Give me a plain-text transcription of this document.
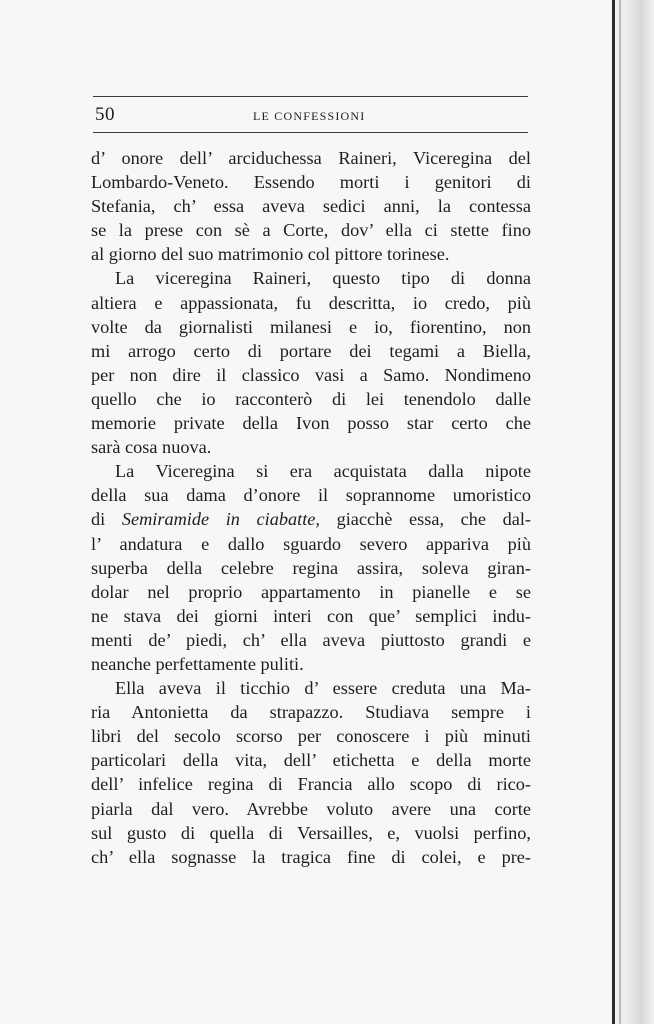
50	LE CONFESSIONI
d’ onore dell’ arciduchessa Raineri, Viceregina del
Lombardo-Veneto. Essendo morti i genitori di
Stefania, ch’ essa aveva sedici anni, la contessa
se la prese con sè a Corte, dov’ ella ci stette fino
al giorno del suo matrimonio col pittore torinese.
La viceregina Raineri, questo tipo di donna
altiera e appassionata, fu descritta, io credo, più
volte da giornalisti milanesi e io, fiorentino, non
mi arrogo certo di portare dei tegami a Biella,
per non dire il classico vasi a Samo. Nondimeno
quello che io racconterò di lei tenendolo dalle
memorie private della Ivon posso star certo che
sarà cosa nuova.
La Viceregina si era acquistata dalla nipote
della sua dama d’onore il soprannome umoristico
di Semiramide in ciabatte, giacchè essa, che dal-
l’ andatura e dallo sguardo severo appariva più
superba della celebre regina assira, soleva giran-
dolar nel proprio appartamento in pianelle e se
ne stava dei giorni interi con que’ semplici indu-
menti de’ piedi, ch’ ella aveva piuttosto grandi e
neanche perfettamente puliti.
Ella aveva il ticchio d’ essere creduta una Ma-
ria Antonietta da strapazzo. Studiava sempre i
libri del secolo scorso per conoscere i più minuti
particolari della vita, dell’ etichetta e della morte
dell’ infelice regina di Francia allo scopo di rico-
piarla dal vero. Avrebbe voluto avere una corte
sul gusto di quella di Versailles, e, vuolsi perfino,
ch’ ella sognasse la tragica fine di colei, e pre-
